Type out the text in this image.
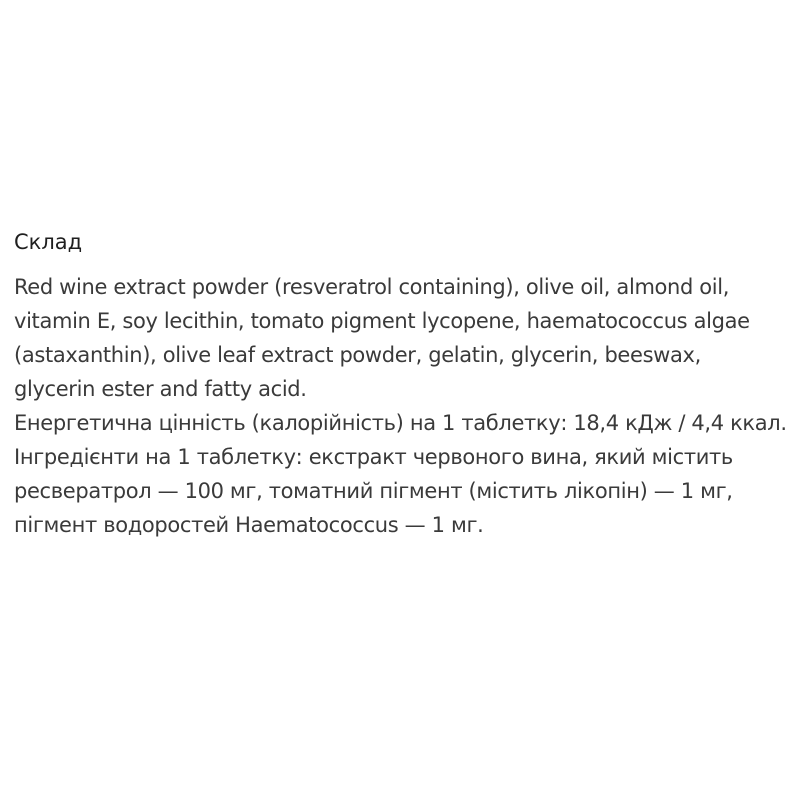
Склад

Red wine extract powder (resveratrol containing), olive oil, almond oil, vitamin E, soy lecithin, tomato pigment lycopene, haematococcus algae (astaxanthin), olive leaf extract powder, gelatin, glycerin, beeswax, glycerin ester and fatty acid.

Енергетична цінність (калорійність) на 1 таблетку: 18,4 кДж / 4,4 ккал.

Інгредієнти на 1 таблетку: екстракт червоного вина, який містить ресвератрол — 100 мг, томатний пігмент (містить лікопін) — 1 мг, пігмент водоростей Haematococcus — 1 мг.
